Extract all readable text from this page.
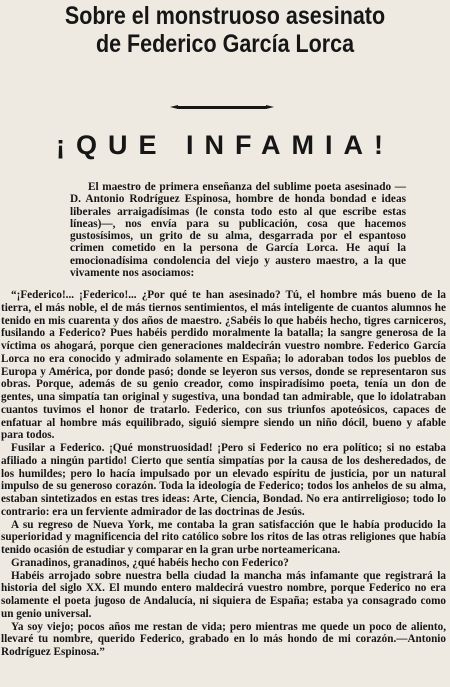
Sobre el monstruoso asesinato
de Federico García Lorca
¡QUE INFAMIA!

El maestro de primera enseñanza del sublime poeta asesinado —D. Antonio Rodríguez Espinosa, hombre de honda bondad e ideas liberales arraigadísimas (le consta todo esto al que escribe estas líneas)—, nos envía para su publicación, cosa que hacemos gustosísimos, un grito de su alma, desgarrada por el espantoso crimen cometido en la persona de García Lorca. He aquí la emocionadísima condolencia del viejo y austero maestro, a la que vivamente nos asociamos:

“¡Federico!... ¡Federico!... ¿Por qué te han asesinado? Tú, el hombre más bueno de la tierra, el más noble, el de más tiernos sentimientos, el más inteligente de cuantos alumnos he tenido en mis cuarenta y dos años de maestro. ¿Sabéis lo que habéis hecho, tigres carniceros, fusilando a Federico? Pues habéis perdido moralmente la batalla; la sangre generosa de la víctima os ahogará, porque cien generaciones maldecirán vuestro nombre. Federico García Lorca no era conocido y admirado solamente en España; lo adoraban todos los pueblos de Europa y América, por donde pasó; donde se leyeron sus versos, donde se representaron sus obras. Porque, además de su genio creador, como inspiradísimo poeta, tenía un don de gentes, una simpatía tan original y sugestiva, una bondad tan admirable, que lo idolatraban cuantos tuvimos el honor de tratarlo. Federico, con sus triunfos apoteósicos, capaces de enfatuar al hombre más equilibrado, siguió siempre siendo un niño dócil, bueno y afable para todos.

Fusilar a Federico. ¡Qué monstruosidad! ¡Pero si Federico no era político; si no estaba afiliado a ningún partido! Cierto que sentía simpatías por la causa de los desheredados, de los humildes; pero lo hacía impulsado por un elevado espíritu de justicia, por un natural impulso de su generoso corazón. Toda la ideología de Federico; todos los anhelos de su alma, estaban sintetizados en estas tres ideas: Arte, Ciencia, Bondad. No era antirreligioso; todo lo contrario: era un ferviente admirador de las doctrinas de Jesús.

A su regreso de Nueva York, me contaba la gran satisfacción que le había producido la superioridad y magnificencia del rito católico sobre los ritos de las otras religiones que había tenido ocasión de estudiar y comparar en la gran urbe norteamericana.

Granadinos, granadinos, ¿qué habéis hecho con Federico?

Habéis arrojado sobre nuestra bella ciudad la mancha más infamante que registrará la historia del siglo XX. El mundo entero maldecirá vuestro nombre, porque Federico no era solamente el poeta jugoso de Andalucía, ni siquiera de España; estaba ya consagrado como un genio universal.

Ya soy viejo; pocos años me restan de vida; pero mientras me quede un poco de aliento, llevaré tu nombre, querido Federico, grabado en lo más hondo de mi corazón.—Antonio Rodríguez Espinosa.”
